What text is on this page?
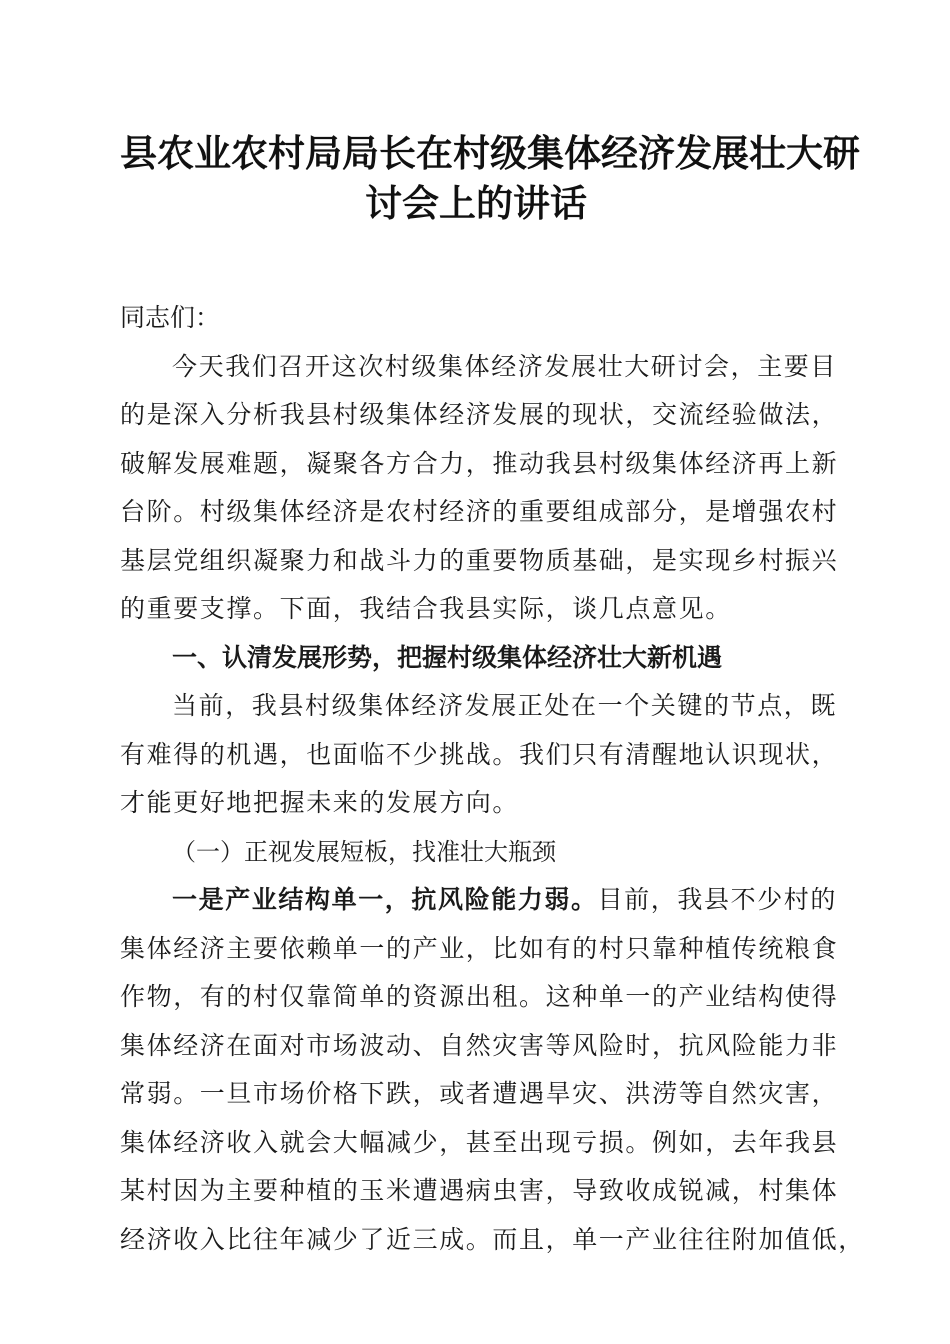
县农业农村局局长在村级集体经济发展壮大研
讨会上的讲话

同志们：

今天我们召开这次村级集体经济发展壮大研讨会，主要目
的是深入分析我县村级集体经济发展的现状，交流经验做法，
破解发展难题，凝聚各方合力，推动我县村级集体经济再上新
台阶。村级集体经济是农村经济的重要组成部分，是增强农村
基层党组织凝聚力和战斗力的重要物质基础，是实现乡村振兴
的重要支撑。下面，我结合我县实际，谈几点意见。

一、认清发展形势，把握村级集体经济壮大新机遇

当前，我县村级集体经济发展正处在一个关键的节点，既
有难得的机遇，也面临不少挑战。我们只有清醒地认识现状，
才能更好地把握未来的发展方向。

（一）正视发展短板，找准壮大瓶颈

一是产业结构单一，抗风险能力弱。目前，我县不少村的
集体经济主要依赖单一的产业，比如有的村只靠种植传统粮食
作物，有的村仅靠简单的资源出租。这种单一的产业结构使得
集体经济在面对市场波动、自然灾害等风险时，抗风险能力非
常弱。一旦市场价格下跌，或者遭遇旱灾、洪涝等自然灾害，
集体经济收入就会大幅减少，甚至出现亏损。例如，去年我县
某村因为主要种植的玉米遭遇病虫害，导致收成锐减，村集体
经济收入比往年减少了近三成。而且，单一产业往往附加值低，
